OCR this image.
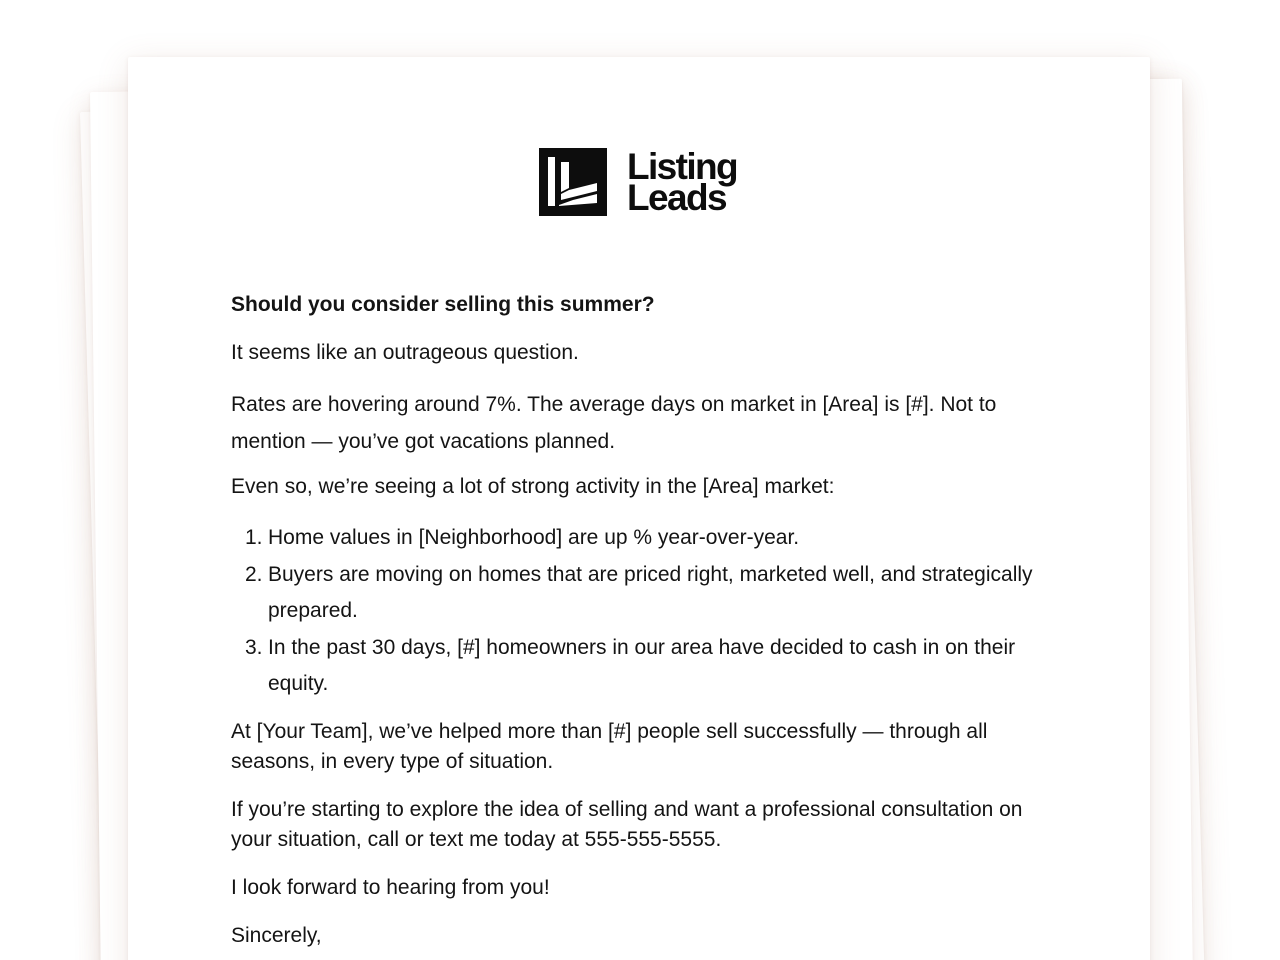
Listing
Leads

Should you consider selling this summer?

It seems like an outrageous question.

Rates are hovering around 7%. The average days on market in [Area] is [#]. Not to mention — you’ve got vacations planned.

Even so, we’re seeing a lot of strong activity in the [Area] market:

1. Home values in [Neighborhood] are up % year-over-year.
2. Buyers are moving on homes that are priced right, marketed well, and strategically prepared.
3. In the past 30 days, [#] homeowners in our area have decided to cash in on their equity.

At [Your Team], we’ve helped more than [#] people sell successfully — through all seasons, in every type of situation.

If you’re starting to explore the idea of selling and want a professional consultation on your situation, call or text me today at 555-555-5555.

I look forward to hearing from you!

Sincerely,
